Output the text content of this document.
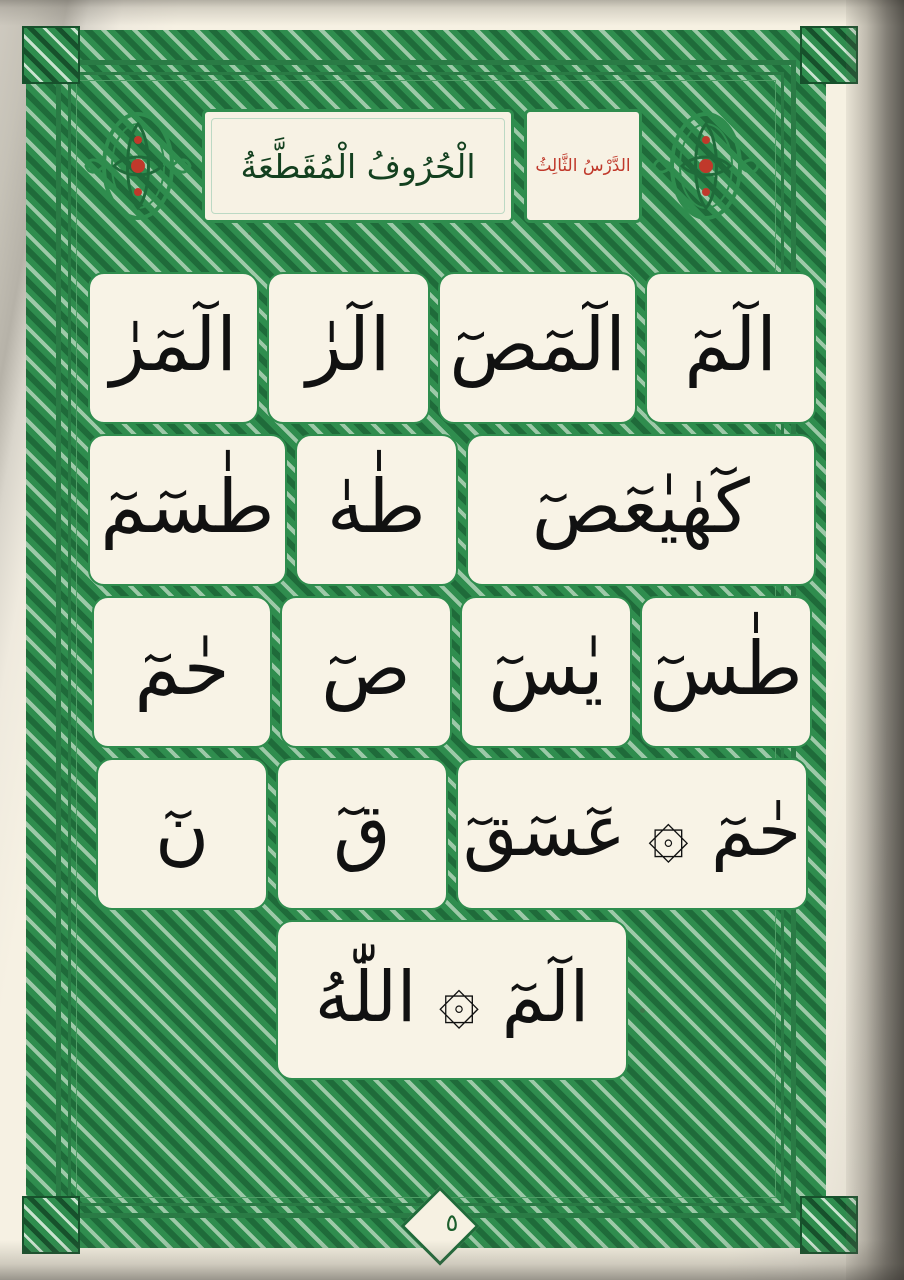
الدَّرْسُ الثَّالِثُ
الْحُرُوفُ الْمُقَطَّعَةُ
الٓمٓ
الٓمٓصٓ
الٓرٰ
الٓمٓرٰ
كٓهٰيٰعٓصٓ
طٰهٰ
طٰسٓمٓ
طٰسٓ
يٰسٓ
صٓ
حٰمٓ
حٰمٓ ۞ عٓسٓقٓ
قٓ
نٓ
الٓمٓ ۞ اللّٰهُ
٥
